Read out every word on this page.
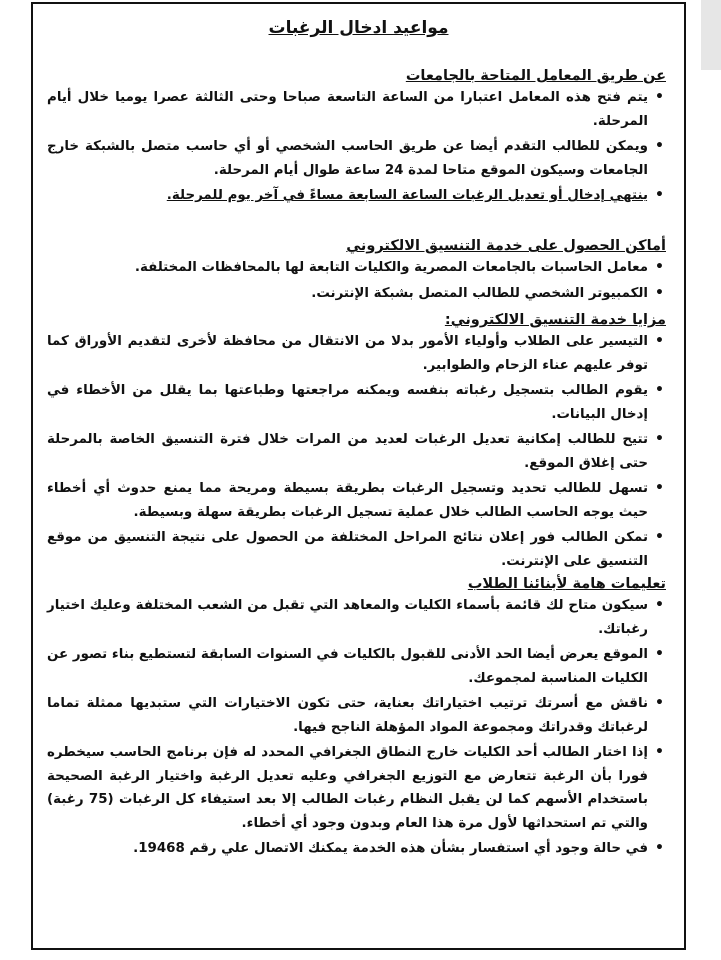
مواعيد ادخال الرغبات
عن طريق المعامل المتاحة بالجامعات
• يتم فتح هذه المعامل اعتبارا من الساعة التاسعة صباحا وحتى الثالثة عصرا يوميا خلال أيام المرحلة.
• ويمكن للطالب التقدم أيضا عن طريق الحاسب الشخصي أو أي حاسب متصل بالشبكة خارج الجامعات وسيكون الموقع متاحا لمدة 24 ساعة طوال أيام المرحلة.
• ينتهي إدخال أو تعديل الرغبات الساعة السابعة مساءً في آخر يوم للمرحلة.
أماكن الحصول على خدمة التنسيق الالكتروني
• معامل الحاسبات بالجامعات المصرية والكليات التابعة لها بالمحافظات المختلفة.
• الكمبيوتر الشخصي للطالب المتصل بشبكة الإنترنت.
مزايا خدمة التنسيق الالكتروني:
• التيسير على الطلاب وأولياء الأمور بدلا من الانتقال من محافظة لأخرى لتقديم الأوراق كما توفر عليهم عناء الزحام والطوابير.
• يقوم الطالب بتسجيل رغباته بنفسه ويمكنه مراجعتها وطباعتها بما يقلل من الأخطاء في إدخال البيانات.
• تتيح للطالب إمكانية تعديل الرغبات لعديد من المرات خلال فترة التنسيق الخاصة بالمرحلة حتى إغلاق الموقع.
• تسهل للطالب تحديد وتسجيل الرغبات بطريقة بسيطة ومريحة مما يمنع حدوث أي أخطاء حيث يوجه الحاسب الطالب خلال عملية تسجيل الرغبات بطريقة سهلة وبسيطة.
• تمكن الطالب فور إعلان نتائج المراحل المختلفة من الحصول على نتيجة التنسيق من موقع التنسيق على الإنترنت.
تعليمات هامة لأبنائنا الطلاب
• سيكون متاح لك قائمة بأسماء الكليات والمعاهد التي تقبل من الشعب المختلفة وعليك اختيار رغباتك.
• الموقع يعرض أيضا الحد الأدنى للقبول بالكليات في السنوات السابقة لتستطيع بناء تصور عن الكليات المناسبة لمجموعك.
• ناقش مع أسرتك ترتيب اختياراتك بعناية، حتى تكون الاختيارات التي ستبديها ممثلة تماما لرغباتك وقدراتك ومجموعة المواد المؤهلة الناجح فيها.
• إذا اختار الطالب أحد الكليات خارج النطاق الجغرافي المحدد له فإن برنامج الحاسب سيخطره فورا بأن الرغبة تتعارض مع التوزيع الجغرافي وعليه تعديل الرغبة واختيار الرغبة الصحيحة باستخدام الأسهم كما لن يقبل النظام رغبات الطالب إلا بعد استيفاء كل الرغبات (75 رغبة) والتي تم استحداثها لأول مرة هذا العام وبدون وجود أي أخطاء.
• في حالة وجود أي استفسار بشأن هذه الخدمة يمكنك الاتصال علي رقم 19468.
